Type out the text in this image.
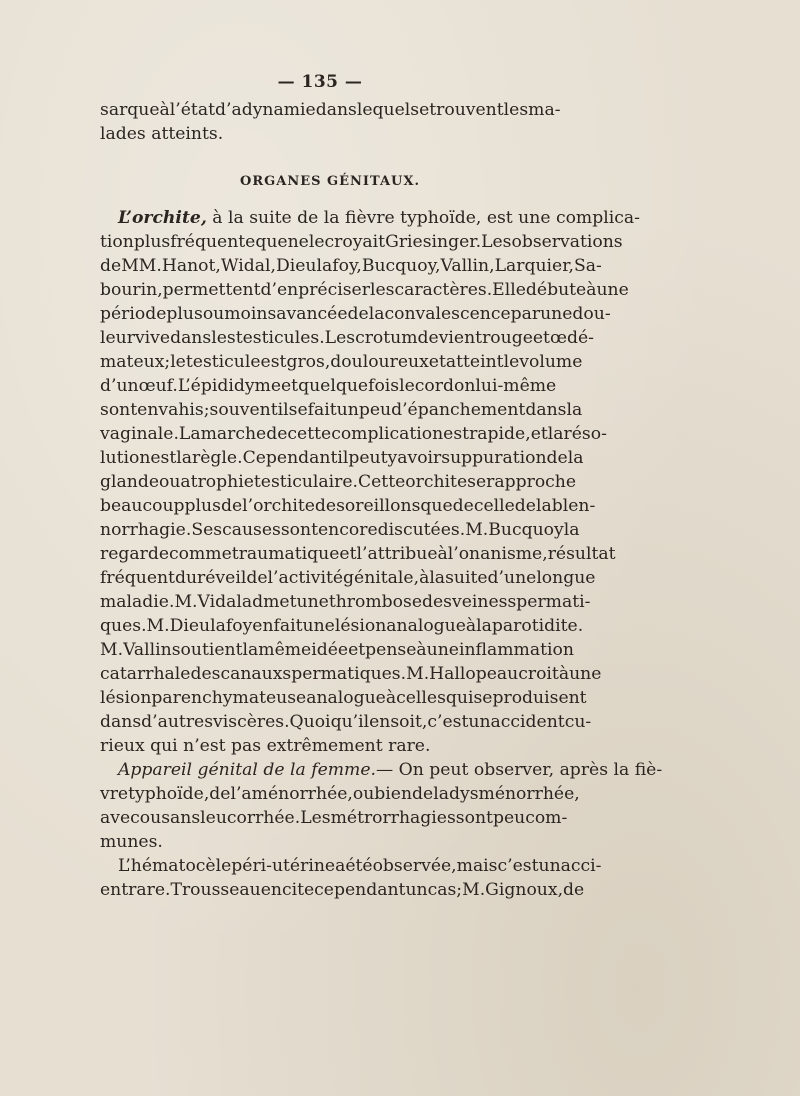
— 135 —
sarque à l’état d’adynamie dans lequel se trouvent les ma-
lades atteints.
ORGANES GÉNITAUX.
L’orchite, à la suite de la fièvre typhoïde, est une complica-
tion plus fréquente que ne le croyait Griesinger. Les observations
de MM. Hanot, Widal, Dieulafoy, Bucquoy, Vallin, Larquier, Sa-
bourin, permettent d’en préciser les caractères. Elle débute à une
période plus ou moins avancée de la convalescence par une dou-
leur vive dans les testicules. Le scrotum devient rouge et œdé-
mateux ; le testicule est gros, douloureux et atteint le volume
d’un œuf. L’épididyme et quelquefois le cordon lui-même
sont envahis ; souvent il se fait un peu d’épanchement dans la
vaginale. La marche de cette complication est rapide, et la réso-
lution est la règle. Cependant il peut y avoir suppuration de la
glande ou atrophie testiculaire. Cette orchite se rapproche
beaucoup plus de l’orchite des oreillons que de celle de la blen-
norrhagie. Ses causes sont encore discutées. M. Bucquoy la
regarde comme traumatique et l’attribue à l’onanisme, résultat
fréquent du réveil de l’activité génitale, à la suite d’une longue
maladie. M. Vidal admet une thrombose des veines spermati-
ques. M. Dieulafoy en fait une lésion analogue à la parotidite.
M. Vallin soutient la même idée et pense à une inflammation
catarrhale des canaux spermatiques. M. Hallopeau croit à une
lésion parenchymateuse analogue à celles qui se produisent
dans d’autres viscères. Quoi qu’il en soit, c’est un accident cu-
rieux qui n’est pas extrêmement rare.
Appareil génital de la femme. — On peut observer, après la fiè-
vre typhoïde, de l’aménorrhée, ou bien de la dysménorrhée,
avec ou sans leucorrhée. Les métrorrhagies sont peu com-
munes.
L’hématocèle péri-utérine a été observée, mais c’est un acci-
ent rare. Trousseau en cite cependant un cas ; M. Gignoux, de
